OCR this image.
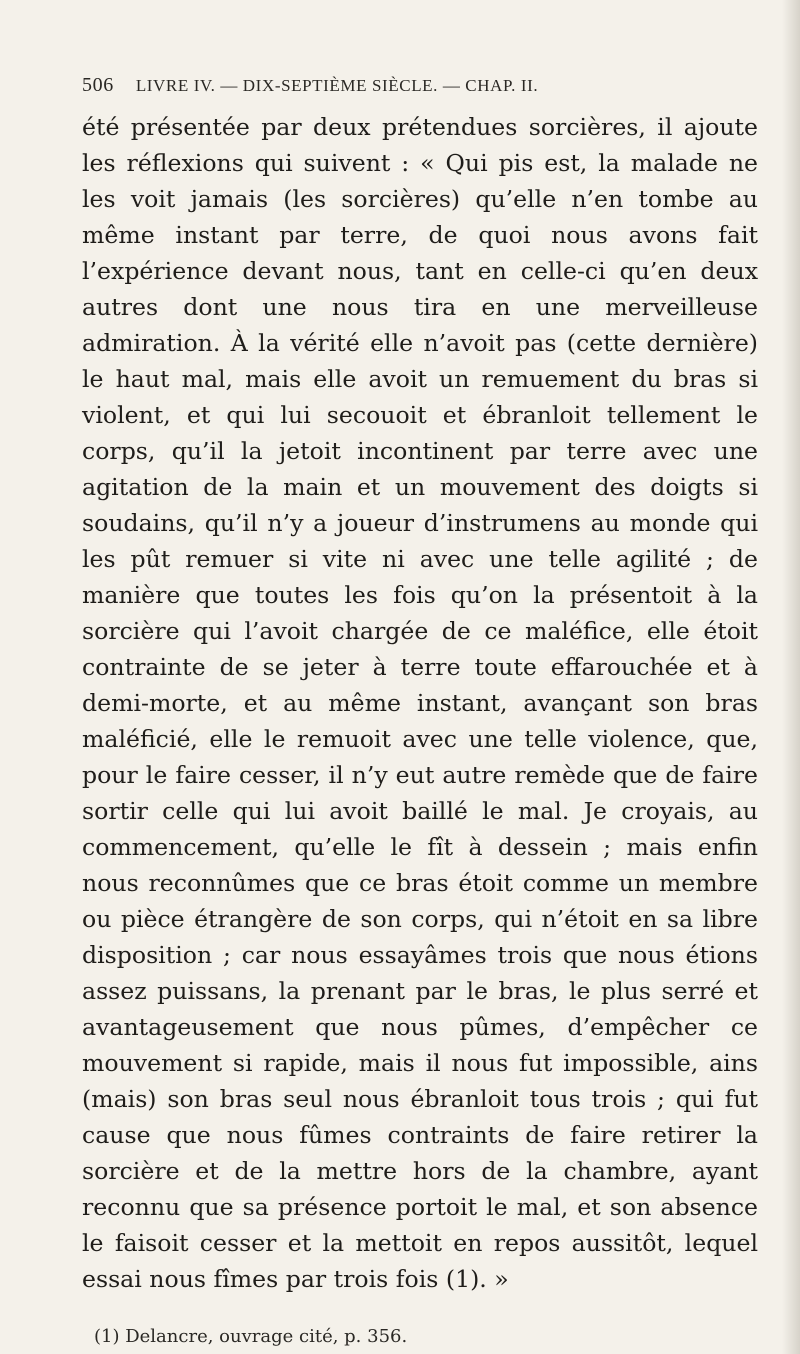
506 LIVRE IV. — DIX-SEPTIÈME SIÈCLE. — CHAP. II.

été présentée par deux prétendues sorcières, il ajoute les réflexions qui suivent : « Qui pis est, la malade ne les voit jamais (les sorcières) qu’elle n’en tombe au même instant par terre, de quoi nous avons fait l’expérience devant nous, tant en celle-ci qu’en deux autres dont une nous tira en une merveilleuse admiration. À la vérité elle n’avoit pas (cette dernière) le haut mal, mais elle avoit un remuement du bras si violent, et qui lui secouoit et ébranloit tellement le corps, qu’il la jetoit incontinent par terre avec une agitation de la main et un mouvement des doigts si soudains, qu’il n’y a joueur d’instrumens au monde qui les pût remuer si vite ni avec une telle agilité ; de manière que toutes les fois qu’on la présentoit à la sorcière qui l’avoit chargée de ce maléfice, elle étoit contrainte de se jeter à terre toute effarouchée et à demi-morte, et au même instant, avançant son bras maléficié, elle le remuoit avec une telle violence, que, pour le faire cesser, il n’y eut autre remède que de faire sortir celle qui lui avoit baillé le mal. Je croyais, au commencement, qu’elle le fît à dessein ; mais enfin nous reconnûmes que ce bras étoit comme un membre ou pièce étrangère de son corps, qui n’étoit en sa libre disposition ; car nous essayâmes trois que nous étions assez puissans, la prenant par le bras, le plus serré et avantageusement que nous pûmes, d’empêcher ce mouvement si rapide, mais il nous fut impossible, ains (mais) son bras seul nous ébranloit tous trois ; qui fut cause que nous fûmes contraints de faire retirer la sorcière et de la mettre hors de la chambre, ayant reconnu que sa présence portoit le mal, et son absence le faisoit cesser et la mettoit en repos aussitôt, lequel essai nous fîmes par trois fois (1). »

(1) Delancre, ouvrage cité, p. 356.
